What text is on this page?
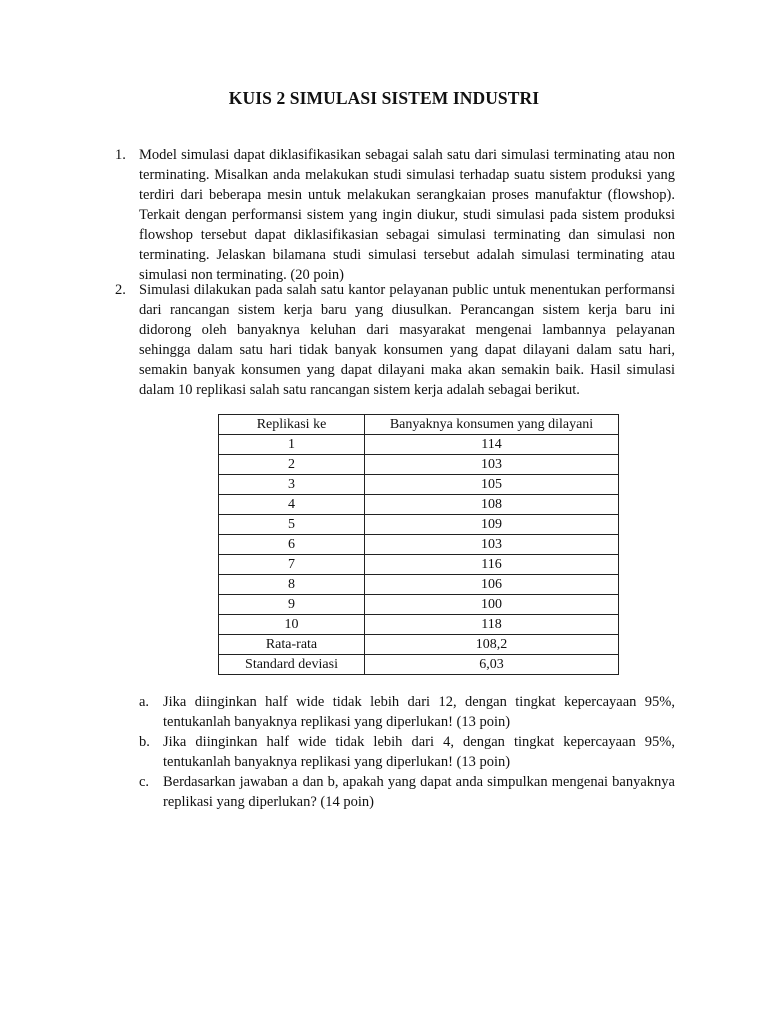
KUIS 2 SIMULASI SISTEM INDUSTRI
1. Model simulasi dapat diklasifikasikan sebagai salah satu dari simulasi terminating atau non terminating. Misalkan anda melakukan studi simulasi terhadap suatu sistem produksi yang terdiri dari beberapa mesin untuk melakukan serangkaian proses manufaktur (flowshop). Terkait dengan performansi sistem yang ingin diukur, studi simulasi pada sistem produksi flowshop tersebut dapat diklasifikasian sebagai simulasi terminating dan simulasi non terminating. Jelaskan bilamana studi simulasi tersebut adalah simulasi terminating atau simulasi non terminating. (20 poin)
2. Simulasi dilakukan pada salah satu kantor pelayanan public untuk menentukan performansi dari rancangan sistem kerja baru yang diusulkan. Perancangan sistem kerja baru ini didorong oleh banyaknya keluhan dari masyarakat mengenai lambannya pelayanan sehingga dalam satu hari tidak banyak konsumen yang dapat dilayani dalam satu hari, semakin banyak konsumen yang dapat dilayani maka akan semakin baik. Hasil simulasi dalam 10 replikasi salah satu rancangan sistem kerja adalah sebagai berikut.
Replikasi ke	Banyaknya konsumen yang dilayani
1	114
2	103
3	105
4	108
5	109
6	103
7	116
8	106
9	100
10	118
Rata-rata	108,2
Standard deviasi	6,03
a. Jika diinginkan half wide tidak lebih dari 12, dengan tingkat kepercayaan 95%, tentukanlah banyaknya replikasi yang diperlukan! (13 poin)
b. Jika diinginkan half wide tidak lebih dari 4, dengan tingkat kepercayaan 95%, tentukanlah banyaknya replikasi yang diperlukan! (13 poin)
c. Berdasarkan jawaban a dan b, apakah yang dapat anda simpulkan mengenai banyaknya replikasi yang diperlukan? (14 poin)
